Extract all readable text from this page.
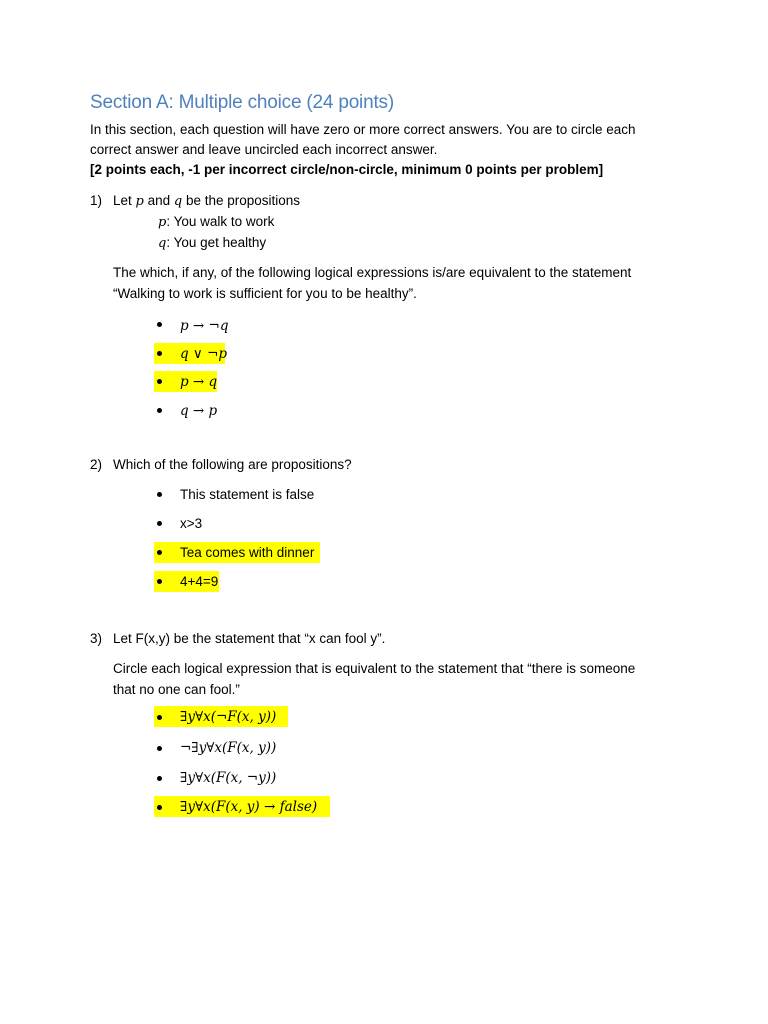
Section A: Multiple choice (24 points)
In this section, each question will have zero or more correct answers. You are to circle each
correct answer and leave uncircled each incorrect answer.
[2 points each, -1 per incorrect circle/non-circle, minimum 0 points per problem]
1) Let p and q be the propositions
p: You walk to work
q: You get healthy
The which, if any, of the following logical expressions is/are equivalent to the statement
“Walking to work is sufficient for you to be healthy”.
p → ¬q
q ∨ ¬p
p → q
q → p
2) Which of the following are propositions?
This statement is false
x>3
Tea comes with dinner
4+4=9
3) Let F(x,y) be the statement that “x can fool y”.
Circle each logical expression that is equivalent to the statement that “there is someone
that no one can fool.”
∃y∀x(¬F(x, y))
¬∃y∀x(F(x, y))
∃y∀x(F(x, ¬y))
∃y∀x(F(x, y) → false)
